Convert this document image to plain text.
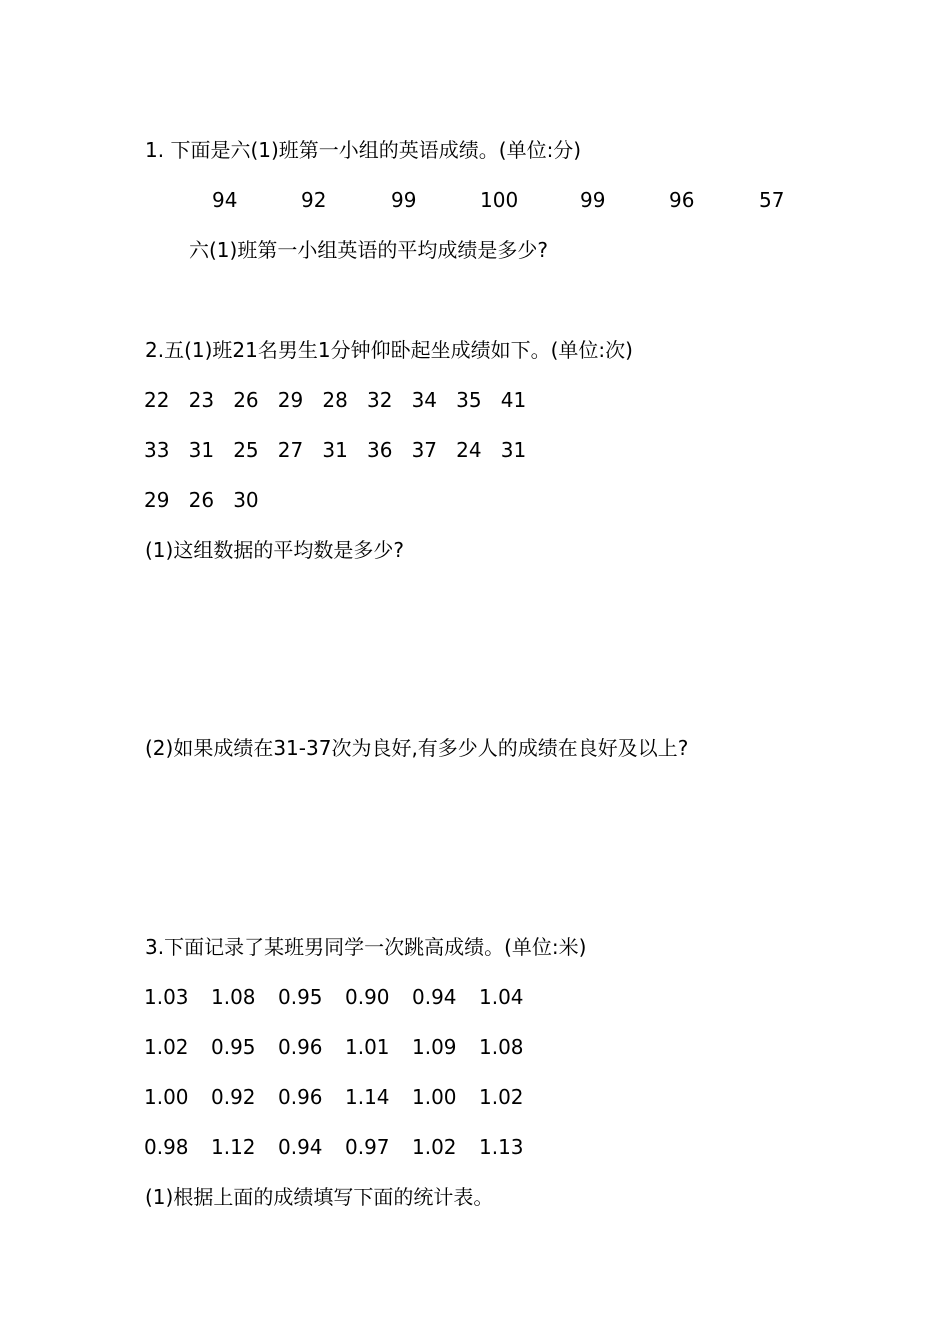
1. 下面是六(1)班第一小组的英语成绩。(单位:分)
94	92	99	100	99	96	57
六(1)班第一小组英语的平均成绩是多少?
2.五(1)班21名男生1分钟仰卧起坐成绩如下。(单位:次)
22 23 26 29 28 32 34 35 41
33 31 25 27 31 36 37 24 31
29 26 30
(1)这组数据的平均数是多少?
(2)如果成绩在31-37次为良好,有多少人的成绩在良好及以上?
3.下面记录了某班男同学一次跳高成绩。(单位:米)
1.03 1.08 0.95 0.90 0.94 1.04
1.02 0.95 0.96 1.01 1.09 1.08
1.00 0.92 0.96 1.14 1.00 1.02
0.98 1.12 0.94 0.97 1.02 1.13
(1)根据上面的成绩填写下面的统计表。
